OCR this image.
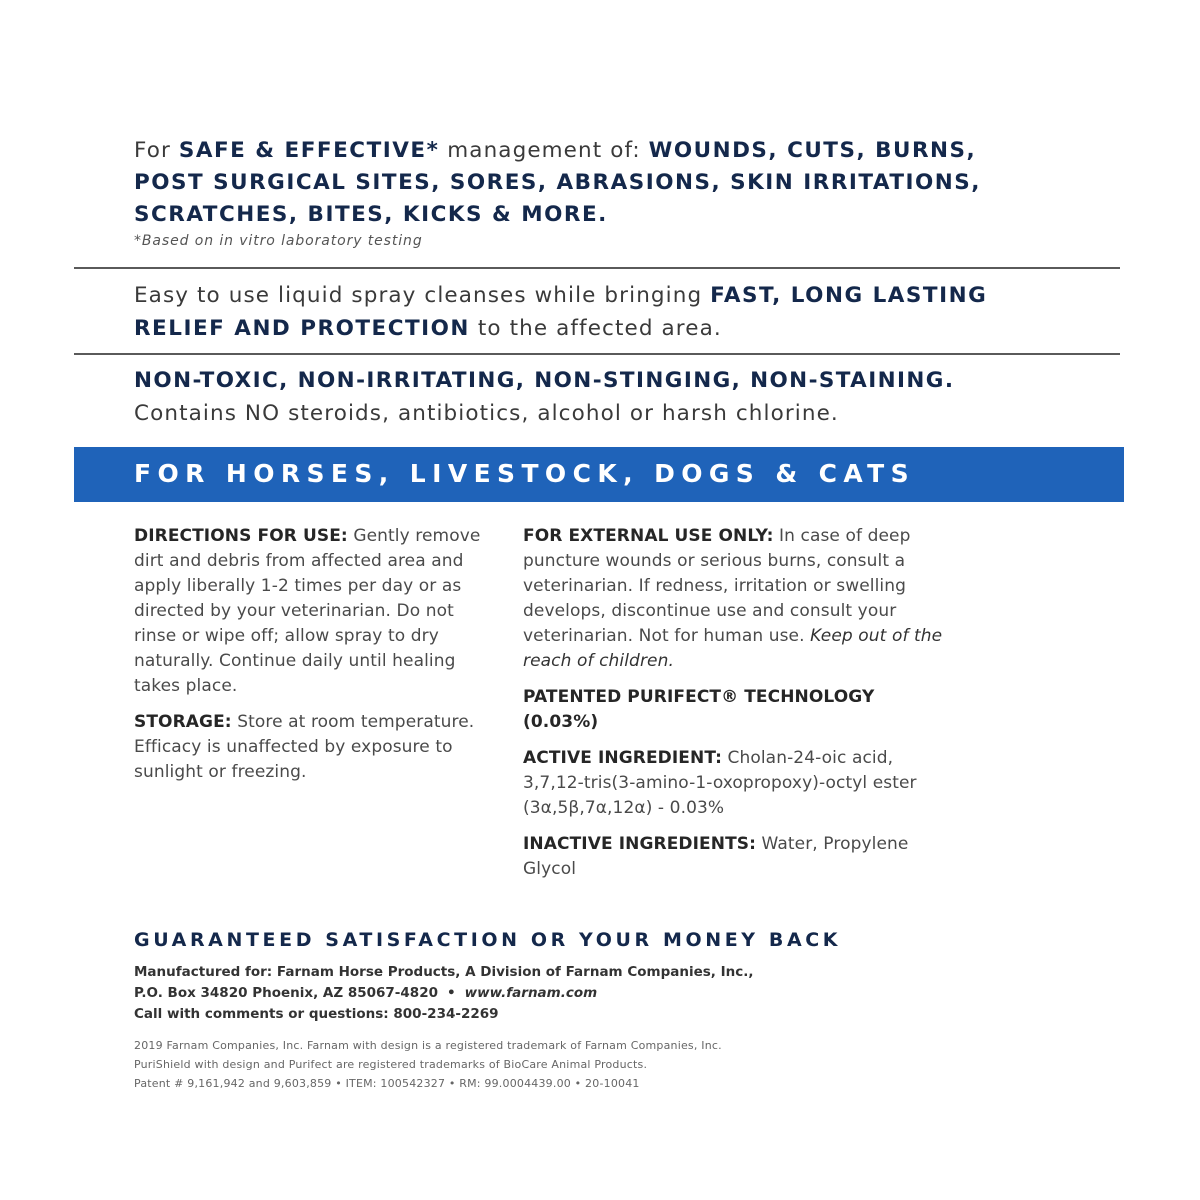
For SAFE & EFFECTIVE* management of: WOUNDS, CUTS, BURNS, POST SURGICAL SITES, SORES, ABRASIONS, SKIN IRRITATIONS, SCRATCHES, BITES, KICKS & MORE.
*Based on in vitro laboratory testing
Easy to use liquid spray cleanses while bringing FAST, LONG LASTING RELIEF AND PROTECTION to the affected area.
NON-TOXIC, NON-IRRITATING, NON-STINGING, NON-STAINING.
Contains NO steroids, antibiotics, alcohol or harsh chlorine.
FOR HORSES, LIVESTOCK, DOGS & CATS

DIRECTIONS FOR USE: Gently remove dirt and debris from affected area and apply liberally 1-2 times per day or as directed by your veterinarian. Do not rinse or wipe off; allow spray to dry naturally. Continue daily until healing takes place.

STORAGE: Store at room temperature. Efficacy is unaffected by exposure to sunlight or freezing.

FOR EXTERNAL USE ONLY: In case of deep puncture wounds or serious burns, consult a veterinarian. If redness, irritation or swelling develops, discontinue use and consult your veterinarian. Not for human use. Keep out of the reach of children.

PATENTED PURIFECT® TECHNOLOGY (0.03%)

ACTIVE INGREDIENT: Cholan-24-oic acid, 3,7,12-tris(3-amino-1-oxopropoxy)-octyl ester (3α,5β,7α,12α) - 0.03%

INACTIVE INGREDIENTS: Water, Propylene Glycol

GUARANTEED SATISFACTION OR YOUR MONEY BACK
Manufactured for: Farnam Horse Products, A Division of Farnam Companies, Inc.,
P.O. Box 34820 Phoenix, AZ 85067-4820 • www.farnam.com
Call with comments or questions: 800-234-2269
2019 Farnam Companies, Inc. Farnam with design is a registered trademark of Farnam Companies, Inc.
PuriShield with design and Purifect are registered trademarks of BioCare Animal Products.
Patent # 9,161,942 and 9,603,859 • ITEM: 100542327 • RM: 99.0004439.00 • 20-10041
